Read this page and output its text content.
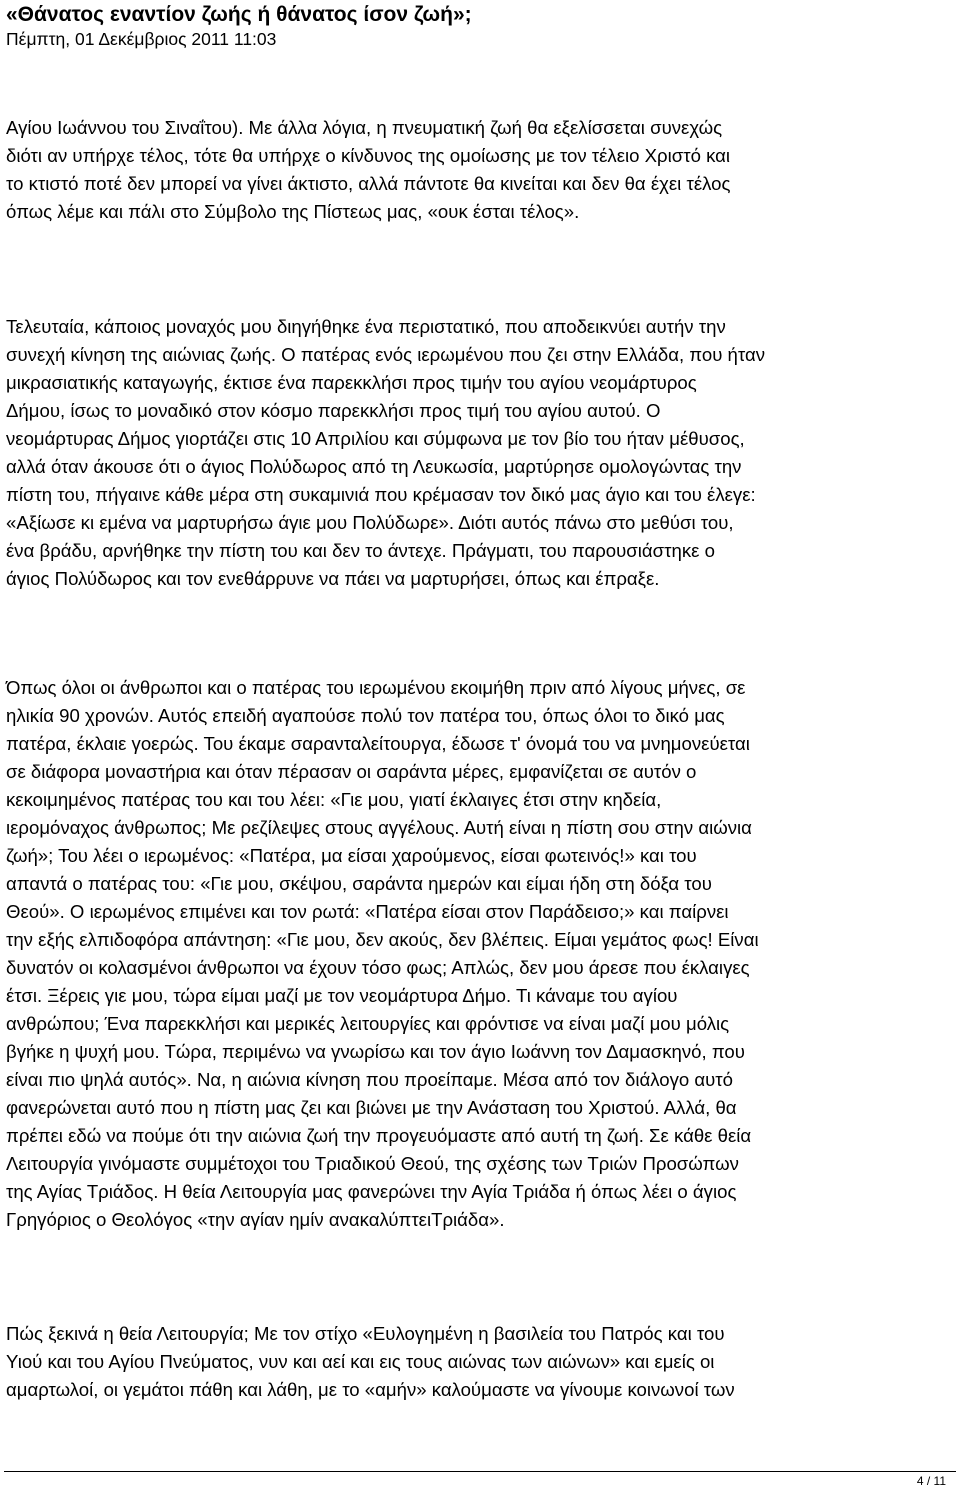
«Θάνατος εναντίον ζωής ή θάνατος ίσον ζωή»;
Πέμπτη, 01 Δεκέμβριος 2011 11:03
Αγίου Ιωάννου του Σιναΐτου). Με άλλα λόγια, η πνευματική ζωή θα εξελίσσεται συνεχώς
διότι αν υπήρχε τέλος, τότε θα υπήρχε ο κίνδυνος της ομοίωσης με τον τέλειο Χριστό και
το κτιστό ποτέ δεν μπορεί να γίνει άκτιστο, αλλά πάντοτε θα κινείται και δεν θα έχει τέλος
όπως λέμε και πάλι στο Σύμβολο της Πίστεως μας, «ουκ έσται τέλος».
Τελευταία, κάποιος μοναχός μου διηγήθηκε ένα περιστατικό, που αποδεικνύει αυτήν την
συνεχή κίνηση της αιώνιας ζωής. Ο πατέρας ενός ιερωμένου που ζει στην Ελλάδα, που ήταν
μικρασιατικής καταγωγής, έκτισε ένα παρεκκλήσι προς τιμήν του αγίου νεομάρτυρος
Δήμου, ίσως το μοναδικό στον κόσμο παρεκκλήσι προς τιμή του αγίου αυτού. Ο
νεομάρτυρας Δήμος γιορτάζει στις 10 Απριλίου και σύμφωνα με τον βίο του ήταν μέθυσος,
αλλά όταν άκουσε ότι ο άγιος Πολύδωρος από τη Λευκωσία, μαρτύρησε ομολογώντας την
πίστη του, πήγαινε κάθε μέρα στη συκαμινιά που κρέμασαν τον δικό μας άγιο και του έλεγε:
«Αξίωσε κι εμένα να μαρτυρήσω άγιε μου Πολύδωρε». Διότι αυτός πάνω στο μεθύσι του,
ένα βράδυ, αρνήθηκε την πίστη του και δεν το άντεχε. Πράγματι, του παρουσιάστηκε ο
άγιος Πολύδωρος και τον ενεθάρρυνε να πάει να μαρτυρήσει, όπως και έπραξε.
Όπως όλοι οι άνθρωποι και ο πατέρας του ιερωμένου εκοιμήθη πριν από λίγους μήνες, σε
ηλικία 90 χρονών. Αυτός επειδή αγαπούσε πολύ τον πατέρα του, όπως όλοι το δικό μας
πατέρα, έκλαιε γοερώς. Του έκαμε σαρανταλείτουργα, έδωσε τ' όνομά του να μνημονεύεται
σε διάφορα μοναστήρια και όταν πέρασαν οι σαράντα μέρες, εμφανίζεται σε αυτόν ο
κεκοιμημένος πατέρας του και του λέει: «Γιε μου, γιατί έκλαιγες έτσι στην κηδεία,
ιερομόναχος άνθρωπος; Με ρεζίλεψες στους αγγέλους. Αυτή είναι η πίστη σου στην αιώνια
ζωή»; Του λέει ο ιερωμένος: «Πατέρα, μα είσαι χαρούμενος, είσαι φωτεινός!» και του
απαντά ο πατέρας του: «Γιε μου, σκέψου, σαράντα ημερών και είμαι ήδη στη δόξα του
Θεού». Ο ιερωμένος επιμένει και τον ρωτά: «Πατέρα είσαι στον Παράδεισο;» και παίρνει
την εξής ελπιδοφόρα απάντηση: «Γιε μου, δεν ακούς, δεν βλέπεις. Είμαι γεμάτος φως! Είναι
δυνατόν οι κολασμένοι άνθρωποι να έχουν τόσο φως; Απλώς, δεν μου άρεσε που έκλαιγες
έτσι. Ξέρεις γιε μου, τώρα είμαι μαζί με τον νεομάρτυρα Δήμο. Τι κάναμε του αγίου
ανθρώπου; Ένα παρεκκλήσι και μερικές λειτουργίες και φρόντισε να είναι μαζί μου μόλις
βγήκε η ψυχή μου. Τώρα, περιμένω να γνωρίσω και τον άγιο Ιωάννη τον Δαμασκηνό, που
είναι πιο ψηλά αυτός». Να, η αιώνια κίνηση που προείπαμε. Μέσα από τον διάλογο αυτό
φανερώνεται αυτό που η πίστη μας ζει και βιώνει με την Ανάσταση του Χριστού. Αλλά, θα
πρέπει εδώ να πούμε ότι την αιώνια ζωή την προγευόμαστε από αυτή τη ζωή. Σε κάθε θεία
Λειτουργία γινόμαστε συμμέτοχοι του Τριαδικού Θεού, της σχέσης των Τριών Προσώπων
της Αγίας Τριάδος. Η θεία Λειτουργία μας φανερώνει την Αγία Τριάδα ή όπως λέει ο άγιος
Γρηγόριος ο Θεολόγος «την αγίαν ημίν ανακαλύπτειΤριάδα».
Πώς ξεκινά η θεία Λειτουργία; Με τον στίχο «Ευλογημένη η βασιλεία του Πατρός και του
Υιού και του Αγίου Πνεύματος, νυν και αεί και εις τους αιώνας των αιώνων» και εμείς οι
αμαρτωλοί, οι γεμάτοι πάθη και λάθη, με το «αμήν» καλούμαστε να γίνουμε κοινωνοί των
4 / 11
